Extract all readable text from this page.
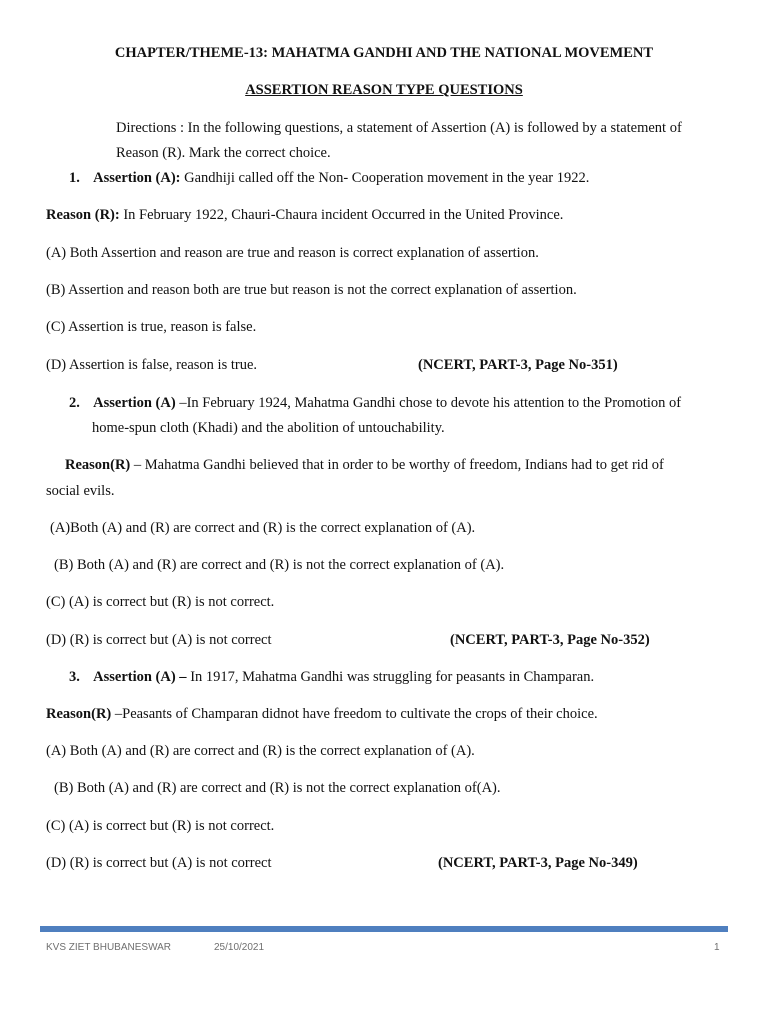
CHAPTER/THEME-13: MAHATMA GANDHI AND THE NATIONAL MOVEMENT
ASSERTION REASON TYPE QUESTIONS
Directions : In the following questions, a statement of Assertion (A) is followed by a statement of
Reason (R). Mark the correct choice.
1. Assertion (A): Gandhiji called off the Non- Cooperation movement in the year 1922.
Reason (R): In February 1922, Chauri-Chaura incident Occurred in the United Province.
(A) Both Assertion and reason are true and reason is correct explanation of assertion.
(B) Assertion and reason both are true but reason is not the correct explanation of assertion.
(C) Assertion is true, reason is false.
(D) Assertion is false, reason is true.	(NCERT, PART-3, Page No-351)
2. Assertion (A) –In February 1924, Mahatma Gandhi chose to devote his attention to the Promotion of
home-spun cloth (Khadi) and the abolition of untouchability.
Reason(R) – Mahatma Gandhi believed that in order to be worthy of freedom, Indians had to get rid of
social evils.
(A)Both (A) and (R) are correct and (R) is the correct explanation of (A).
(B) Both (A) and (R) are correct and (R) is not the correct explanation of (A).
(C) (A) is correct but (R) is not correct.
(D) (R) is correct but (A) is not correct	(NCERT, PART-3, Page No-352)
3. Assertion (A) – In 1917, Mahatma Gandhi was struggling for peasants in Champaran.
Reason(R) –Peasants of Champaran didnot have freedom to cultivate the crops of their choice.
(A) Both (A) and (R) are correct and (R) is the correct explanation of (A).
(B) Both (A) and (R) are correct and (R) is not the correct explanation of(A).
(C) (A) is correct but (R) is not correct.
(D) (R) is correct but (A) is not correct	(NCERT, PART-3, Page No-349)
KVS ZIET BHUBANESWAR	25/10/2021	1
